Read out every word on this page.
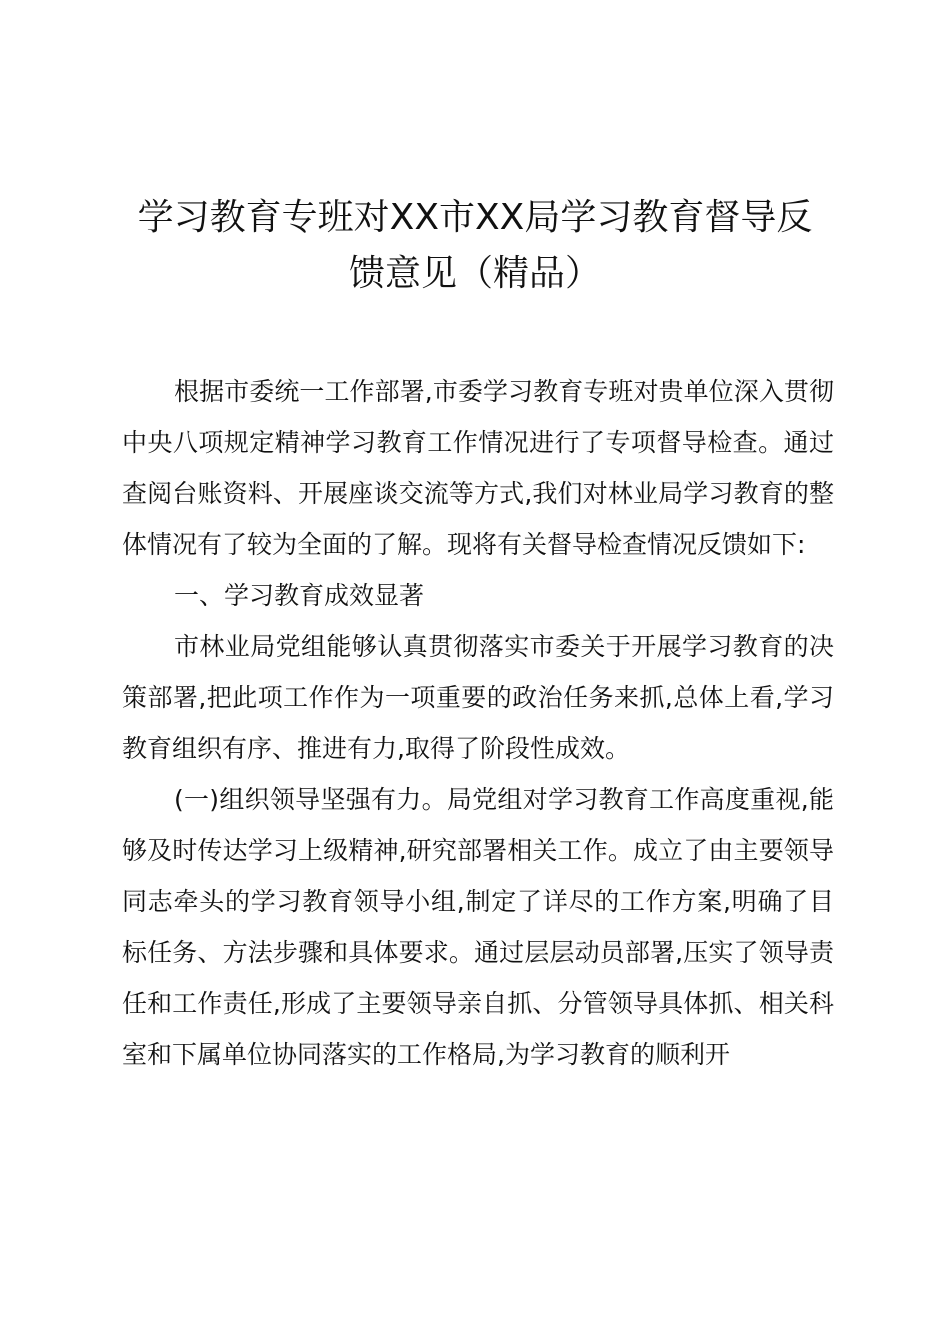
学习教育专班对XX市XX局学习教育督导反
馈意见（精品）

根据市委统一工作部署,市委学习教育专班对贵单位深入贯彻中央八项规定精神学习教育工作情况进行了专项督导检查。通过查阅台账资料、开展座谈交流等方式,我们对林业局学习教育的整体情况有了较为全面的了解。现将有关督导检查情况反馈如下:

一、学习教育成效显著

市林业局党组能够认真贯彻落实市委关于开展学习教育的决策部署,把此项工作作为一项重要的政治任务来抓,总体上看,学习教育组织有序、推进有力,取得了阶段性成效。

(一)组织领导坚强有力。局党组对学习教育工作高度重视,能够及时传达学习上级精神,研究部署相关工作。成立了由主要领导同志牵头的学习教育领导小组,制定了详尽的工作方案,明确了目标任务、方法步骤和具体要求。通过层层动员部署,压实了领导责任和工作责任,形成了主要领导亲自抓、分管领导具体抓、相关科室和下属单位协同落实的工作格局,为学习教育的顺利开
